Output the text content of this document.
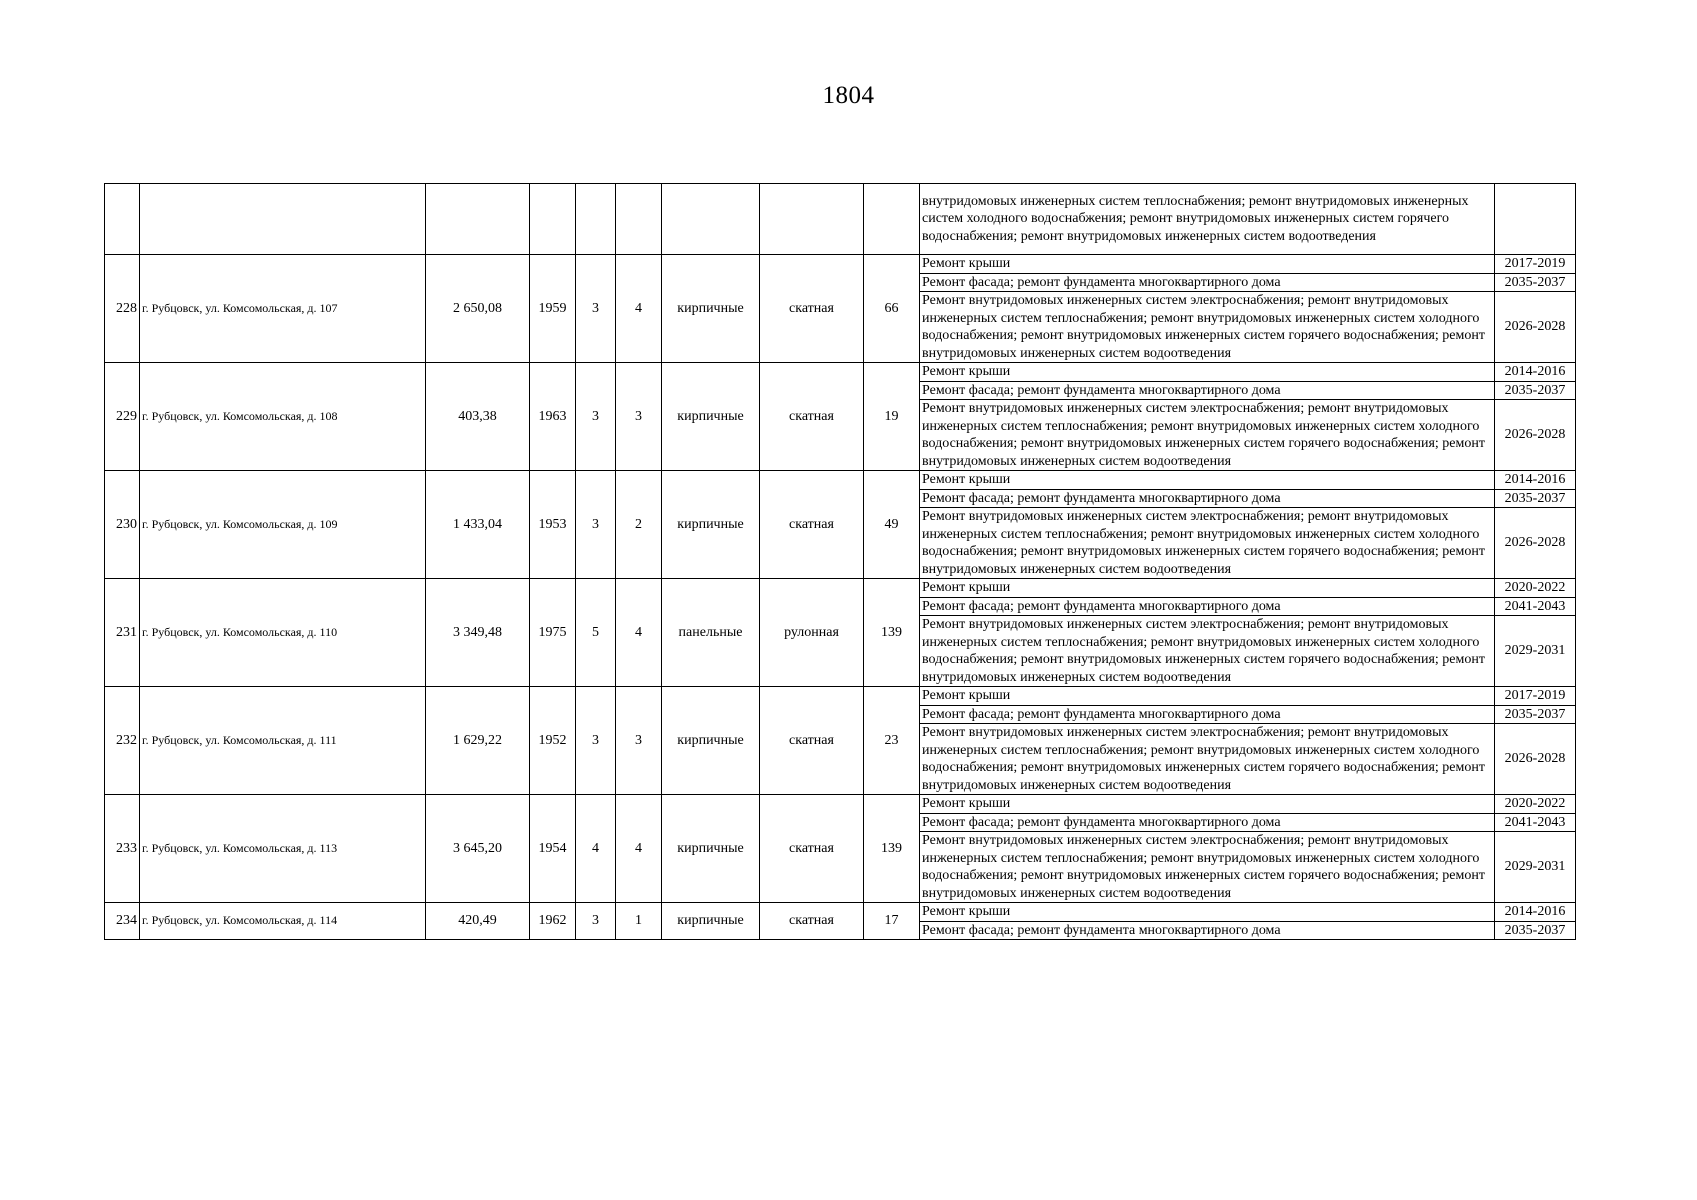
1804
									внутридомовых инженерных систем теплоснабжения; ремонт внутридомовых инженерных систем холодного водоснабжения; ремонт внутридомовых инженерных систем горячего водоснабжения; ремонт внутридомовых инженерных систем водоотведения	
228	г. Рубцовск, ул. Комсомольская, д. 107	2 650,08	1959	3	4	кирпичные	скатная	66	Ремонт крыши	2017-2019
									Ремонт фасада; ремонт фундамента многоквартирного дома	2035-2037
									Ремонт внутридомовых инженерных систем электроснабжения; ремонт внутридомовых инженерных систем теплоснабжения; ремонт внутридомовых инженерных систем холодного водоснабжения; ремонт внутридомовых инженерных систем горячего водоснабжения; ремонт внутридомовых инженерных систем водоотведения	2026-2028
229	г. Рубцовск, ул. Комсомольская, д. 108	403,38	1963	3	3	кирпичные	скатная	19	Ремонт крыши	2014-2016
									Ремонт фасада; ремонт фундамента многоквартирного дома	2035-2037
									Ремонт внутридомовых инженерных систем электроснабжения; ремонт внутридомовых инженерных систем теплоснабжения; ремонт внутридомовых инженерных систем холодного водоснабжения; ремонт внутридомовых инженерных систем горячего водоснабжения; ремонт внутридомовых инженерных систем водоотведения	2026-2028
230	г. Рубцовск, ул. Комсомольская, д. 109	1 433,04	1953	3	2	кирпичные	скатная	49	Ремонт крыши	2014-2016
									Ремонт фасада; ремонт фундамента многоквартирного дома	2035-2037
									Ремонт внутридомовых инженерных систем электроснабжения; ремонт внутридомовых инженерных систем теплоснабжения; ремонт внутридомовых инженерных систем холодного водоснабжения; ремонт внутридомовых инженерных систем горячего водоснабжения; ремонт внутридомовых инженерных систем водоотведения	2026-2028
231	г. Рубцовск, ул. Комсомольская, д. 110	3 349,48	1975	5	4	панельные	рулонная	139	Ремонт крыши	2020-2022
									Ремонт фасада; ремонт фундамента многоквартирного дома	2041-2043
									Ремонт внутридомовых инженерных систем электроснабжения; ремонт внутридомовых инженерных систем теплоснабжения; ремонт внутридомовых инженерных систем холодного водоснабжения; ремонт внутридомовых инженерных систем горячего водоснабжения; ремонт внутридомовых инженерных систем водоотведения	2029-2031
232	г. Рубцовск, ул. Комсомольская, д. 111	1 629,22	1952	3	3	кирпичные	скатная	23	Ремонт крыши	2017-2019
									Ремонт фасада; ремонт фундамента многоквартирного дома	2035-2037
									Ремонт внутридомовых инженерных систем электроснабжения; ремонт внутридомовых инженерных систем теплоснабжения; ремонт внутридомовых инженерных систем холодного водоснабжения; ремонт внутридомовых инженерных систем горячего водоснабжения; ремонт внутридомовых инженерных систем водоотведения	2026-2028
233	г. Рубцовск, ул. Комсомольская, д. 113	3 645,20	1954	4	4	кирпичные	скатная	139	Ремонт крыши	2020-2022
									Ремонт фасада; ремонт фундамента многоквартирного дома	2041-2043
									Ремонт внутридомовых инженерных систем электроснабжения; ремонт внутридомовых инженерных систем теплоснабжения; ремонт внутридомовых инженерных систем холодного водоснабжения; ремонт внутридомовых инженерных систем горячего водоснабжения; ремонт внутридомовых инженерных систем водоотведения	2029-2031
234	г. Рубцовск, ул. Комсомольская, д. 114	420,49	1962	3	1	кирпичные	скатная	17	Ремонт крыши	2014-2016
									Ремонт фасада; ремонт фундамента многоквартирного дома	2035-2037
